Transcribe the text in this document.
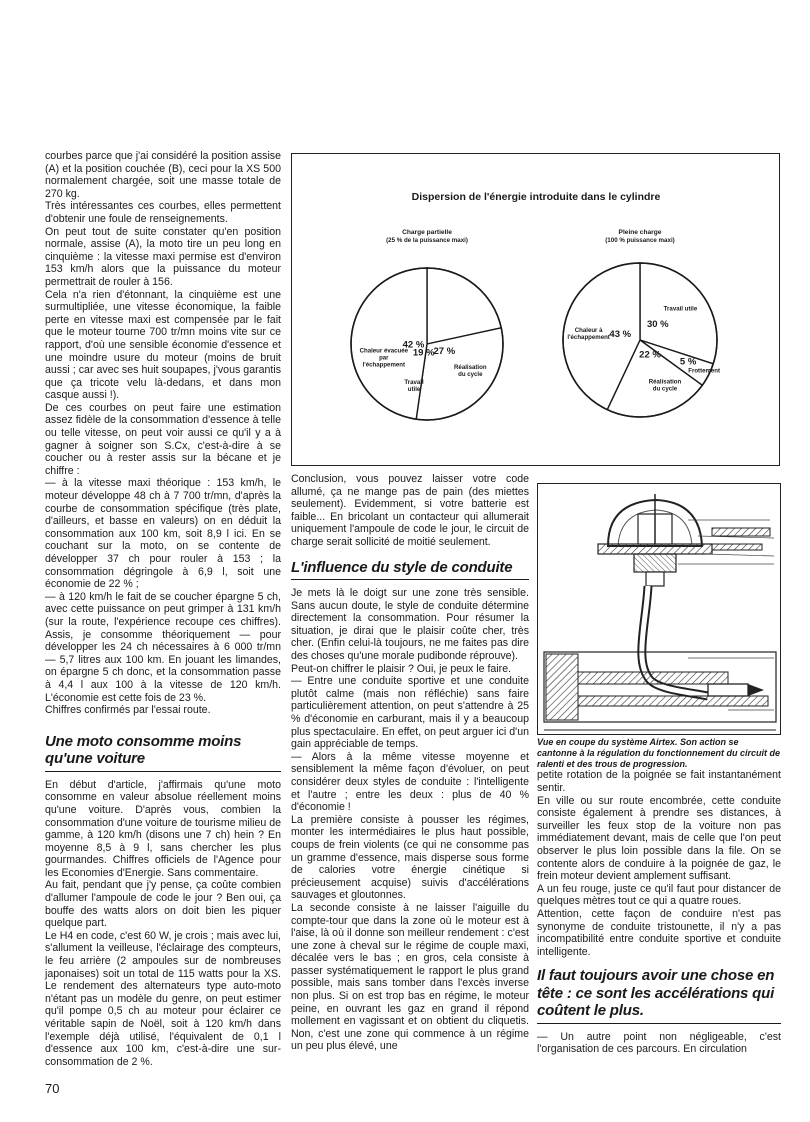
courbes parce que j'ai considéré la position assise (A) et la position couchée (B), ceci pour la XS 500 normalement chargée, soit une masse totale de 270 kg.

Très intéressantes ces courbes, elles permettent d'obtenir une foule de renseignements.

On peut tout de suite constater qu'en position normale, assise (A), la moto tire un peu long en cinquième : la vitesse maxi permise est d'environ 153 km/h alors que la puissance du moteur permettrait de rouler à 156.

Cela n'a rien d'étonnant, la cinquième est une surmultipliée, une vitesse économique, la faible perte en vitesse maxi est compensée par le fait que le moteur tourne 700 tr/mn moins vite sur ce rapport, d'où une sensible économie d'essence et une moindre usure du moteur (moins de bruit aussi ; car avec ses huit soupapes, j'vous garantis que ça tricote velu là-dedans, et dans mon casque aussi !).

De ces courbes on peut faire une estimation assez fidèle de la consommation d'essence à telle ou telle vitesse, on peut voir aussi ce qu'il y a à gagner à soigner son S.Cx, c'est-à-dire à se coucher ou à rester assis sur la bécane et je chiffre :

— à la vitesse maxi théorique : 153 km/h, le moteur développe 48 ch à 7 700 tr/mn, d'après la courbe de consommation spécifique (très plate, d'ailleurs, et basse en valeurs) on en déduit la consommation aux 100 km, soit 8,9 l ici. En se couchant sur la moto, on se contente de développer 37 ch pour rouler à 153 ; la consommation dégringole à 6,9 l, soit une économie de 22 % ;

— à 120 km/h le fait de se coucher épargne 5 ch, avec cette puissance on peut grimper à 131 km/h (sur la route, l'expérience recoupe ces chiffres). Assis, je consomme théoriquement — pour développer les 24 ch nécessaires à 6 000 tr/mn — 5,7 litres aux 100 km. En jouant les limandes, on épargne 5 ch donc, et la consommation passe à 4,4 l aux 100 à la vitesse de 120 km/h. L'économie est cette fois de 23 %.

Chiffres confirmés par l'essai route.

Une moto consomme moins qu'une voiture

En début d'article, j'affirmais qu'une moto consomme en valeur absolue réellement moins qu'une voiture. D'après vous, combien la consommation d'une voiture de tourisme milieu de gamme, à 120 km/h (disons une 7 ch) hein ? En moyenne 8,5 à 9 l, sans chercher les plus gourmandes. Chiffres officiels de l'Agence pour les Economies d'Energie. Sans commentaire.

Au fait, pendant que j'y pense, ça coûte combien d'allumer l'ampoule de code le jour ? Ben oui, ça bouffe des watts alors on doit bien les piquer quelque part.

Le H4 en code, c'est 60 W, je crois ; mais avec lui, s'allument la veilleuse, l'éclairage des compteurs, le feu arrière (2 ampoules sur de nombreuses japonaises) soit un total de 115 watts pour la XS. Le rendement des alternateurs type auto-moto n'étant pas un modèle du genre, on peut estimer qu'il pompe 0,5 ch au moteur pour éclairer ce véritable sapin de Noël, soit à 120 km/h dans l'exemple déjà utilisé, l'équivalent de 0,1 l d'essence aux 100 km, c'est-à-dire une sur-consommation de 2 %.

Dispersion de l'énergie introduite dans le cylindre
Charge partielle
(25 % de la puissance maxi)
Travail utile
19 %
Réalisation du cycle
27 %
Chaleur évacuée par l'échappement
42 %
Pleine charge
(100 % puissance maxi)
Travail utile
30 %
Frottement
5 %
Réalisation du cycle
22 %
Chaleur à l'échappement 43 %

Conclusion, vous pouvez laisser votre code allumé, ça ne mange pas de pain (des miettes seulement). Evidemment, si votre batterie est faible... En bricolant un contacteur qui allumerait uniquement l'ampoule de code le jour, le circuit de charge serait sollicité de moitié seulement.

L'influence du style de conduite

Je mets là le doigt sur une zone très sensible. Sans aucun doute, le style de conduite détermine directement la consommation. Pour résumer la situation, je dirai que le plaisir coûte cher, très cher. (Enfin celui-là toujours, ne me faites pas dire des choses qu'une morale pudibonde réprouve).

Peut-on chiffrer le plaisir ? Oui, je peux le faire.

— Entre une conduite sportive et une conduite plutôt calme (mais non réfléchie) sans faire particulièrement attention, on peut s'attendre à 25 % d'économie en carburant, mais il y a beaucoup plus spectaculaire. En effet, on peut arguer ici d'un gain appréciable de temps.

— Alors à la même vitesse moyenne et sensiblement la même façon d'évoluer, on peut considérer deux styles de conduite : l'intelligente et l'autre ; entre les deux : plus de 40 % d'économie !

La première consiste à pousser les régimes, monter les intermédiaires le plus haut possible, coups de frein violents (ce qui ne consomme pas un gramme d'essence, mais disperse sous forme de calories votre énergie cinétique si précieusement acquise) suivis d'accélérations sauvages et gloutonnes.

La seconde consiste à ne laisser l'aiguille du compte-tour que dans la zone où le moteur est à l'aise, là où il donne son meilleur rendement : c'est une zone à cheval sur le régime de couple maxi, décalée vers le bas ; en gros, cela consiste à passer systématiquement le rapport le plus grand possible, mais sans tomber dans l'excès inverse non plus. Si on est trop bas en régime, le moteur peine, en ouvrant les gaz en grand il répond mollement en vagissant et on obtient du cliquetis. Non, c'est une zone qui commence à un régime un peu plus élevé, une

Vue en coupe du système Airtex. Son action se cantonne à la régulation du fonctionnement du circuit de ralenti et des trous de progression.

petite rotation de la poignée se fait instantanément sentir.

En ville ou sur route encombrée, cette conduite consiste également à prendre ses distances, à surveiller les feux stop de la voiture non pas immédiatement devant, mais de celle que l'on peut observer le plus loin possible dans la file. On se contente alors de conduire à la poignée de gaz, le frein moteur devient amplement suffisant.

A un feu rouge, juste ce qu'il faut pour distancer de quelques mètres tout ce qui a quatre roues.

Attention, cette façon de conduire n'est pas synonyme de conduite tristounette, il n'y a pas incompatibilité entre conduite sportive et conduite intelligente.

Il faut toujours avoir une chose en tête : ce sont les accélérations qui coûtent le plus.

— Un autre point non négligeable, c'est l'organisation de ces parcours. En circulation

70
